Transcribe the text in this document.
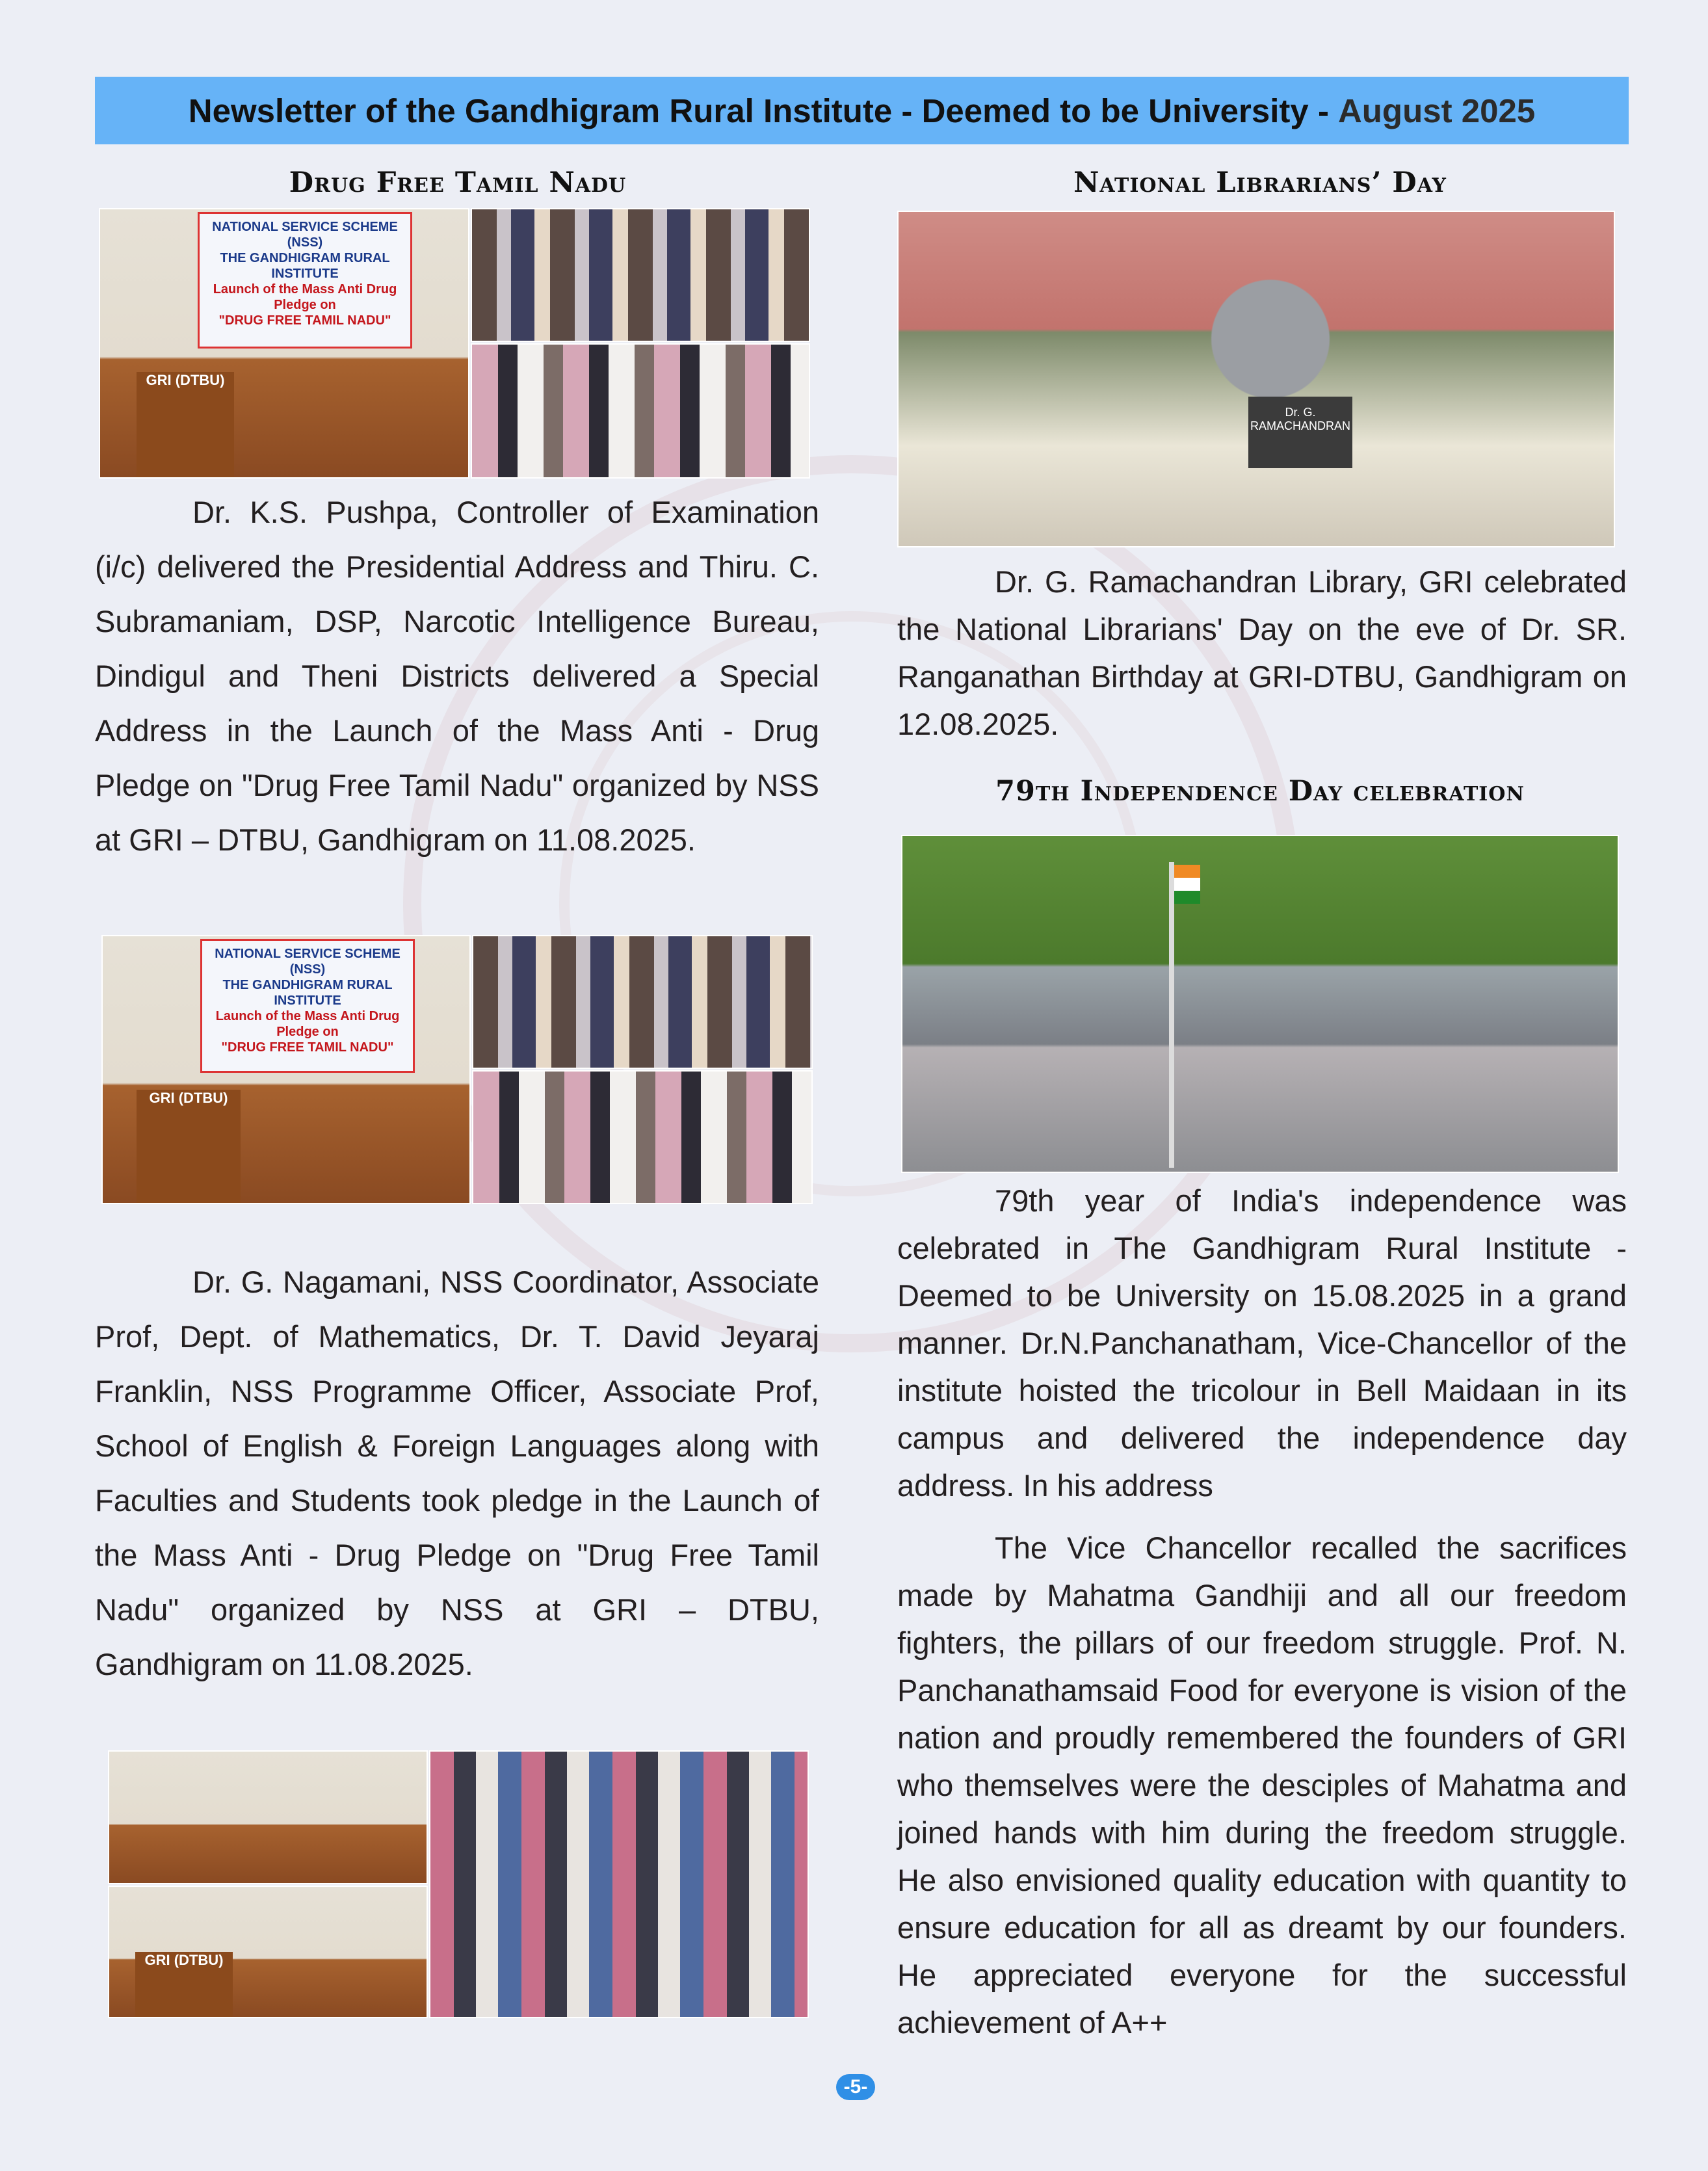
Newsletter of the Gandhigram Rural Institute - Deemed to be University - August 2025
Drug Free Tamil Nadu
NATIONAL SERVICE SCHEME (NSS)
THE GANDHIGRAM RURAL INSTITUTE
Launch of the Mass Anti Drug Pledge on
"DRUG FREE TAMIL NADU"
GRI (DTBU)

Dr. K.S. Pushpa, Controller of Examination (i/c) delivered the Presidential Address and Thiru. C. Subramaniam, DSP, Narcotic Intelligence Bureau, Dindigul and Theni Districts delivered a Special Address in the Launch of the Mass Anti - Drug Pledge on "Drug Free Tamil Nadu" organized by NSS at GRI – DTBU, Gandhigram on 11.08.2025.

NATIONAL SERVICE SCHEME (NSS)
THE GANDHIGRAM RURAL INSTITUTE
Launch of the Mass Anti Drug Pledge on
"DRUG FREE TAMIL NADU"
GRI (DTBU)

Dr. G. Nagamani, NSS Coordinator, Associate Prof, Dept. of Mathematics, Dr. T. David Jeyaraj Franklin, NSS Programme Officer, Associate Prof, School of English & Foreign Languages along with Faculties and Students took pledge in the Launch of the Mass Anti - Drug Pledge on "Drug Free Tamil Nadu" organized by NSS at GRI – DTBU, Gandhigram on 11.08.2025.

GRI (DTBU)
National Librarians’ Day
Dr. G. RAMACHANDRAN

Dr. G. Ramachandran Library, GRI celebrated the National Librarians' Day on the eve of Dr. SR. Ranganathan Birthday at GRI-DTBU, Gandhigram on 12.08.2025.

79th Independence Day celebration

79th year of India's independence was celebrated in The Gandhigram Rural Institute - Deemed to be University on 15.08.2025 in a grand manner. Dr.N.Panchanatham, Vice-Chancellor of the institute hoisted the tricolour in Bell Maidaan in its campus and delivered the independence day address. In his address

The Vice Chancellor recalled the sacrifices made by Mahatma Gandhiji and all our freedom fighters, the pillars of our freedom struggle. Prof. N. Panchanathamsaid Food for everyone is vision of the nation and proudly remembered the founders of GRI who themselves were the desciples of Mahatma and joined hands with him during the freedom struggle. He also envisioned quality education with quantity to ensure education for all as dreamt by our founders. He appreciated everyone for the successful achievement of A++

-5-
